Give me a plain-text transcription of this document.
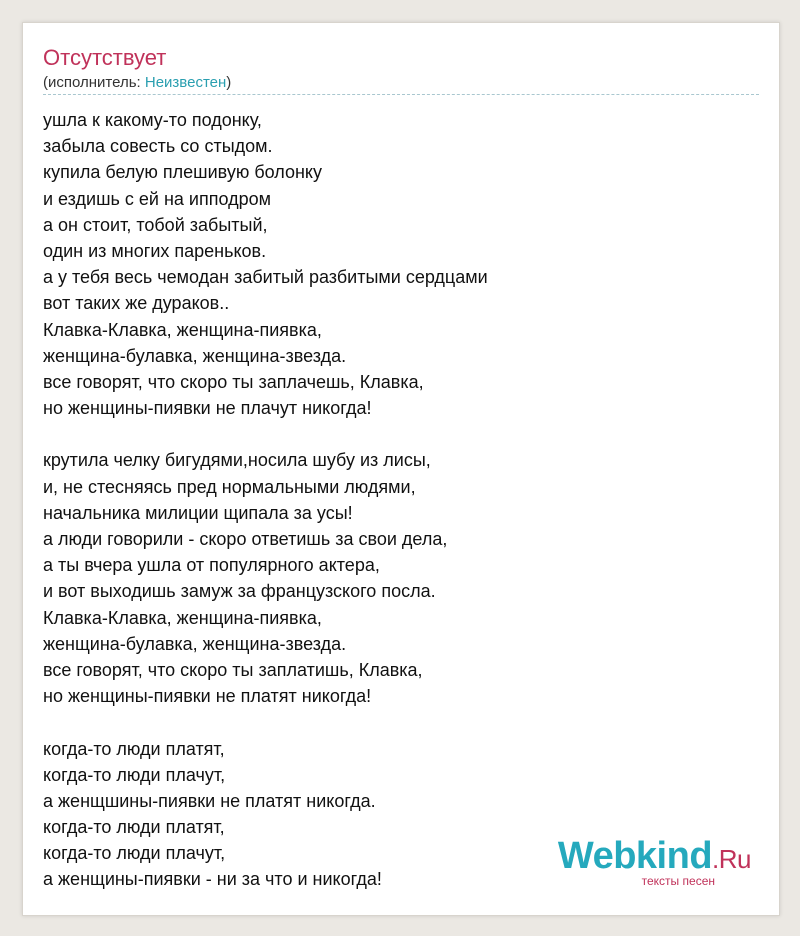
Отсутствует
(исполнитель: Неизвестен)
ушла к какому-то подонку,
забыла совесть со стыдом.
купила белую плешивую болонку
и ездишь с ей на ипподром
а он стоит, тобой забытый,
один из многих пареньков.
а у тебя весь чемодан забитый разбитыми сердцами
вот таких же дураков..
Клавка-Клавка, женщина-пиявка,
женщина-булавка, женщина-звезда.
все говорят, что скоро ты заплачешь, Клавка,
но женщины-пиявки не плачут никогда!
крутила челку бигудями,носила шубу из лисы,
и, не стесняясь пред нормальными людями,
начальника милиции щипала за усы!
а люди говорили - скоро ответишь за свои дела,
а ты вчера ушла от популярного актера,
и вот выходишь замуж за французского посла.
Клавка-Клавка, женщина-пиявка,
женщина-булавка, женщина-звезда.
все говорят, что скоро ты заплатишь, Клавка,
но женщины-пиявки не платят никогда!
когда-то люди платят,
когда-то люди плачут,
а женщшины-пиявки не платят никогда.
когда-то люди платят,
когда-то люди плачут,
а женщины-пиявки - ни за что и никогда!
Webkind.Ru
тексты песен
